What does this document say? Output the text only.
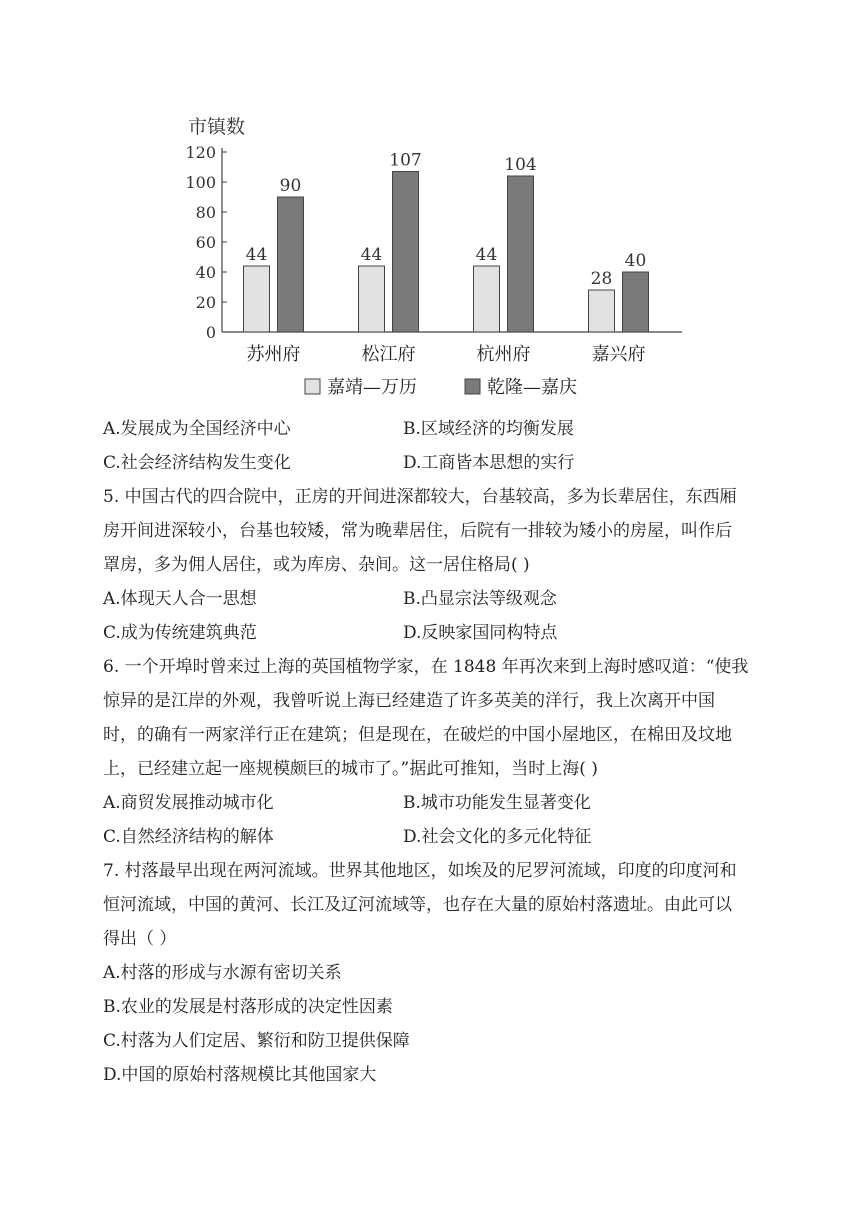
市镇数
0
20
40
60
80
100
120
44
90
苏州府
44
107
松江府
44
104
杭州府
28
40
嘉兴府
嘉靖—万历	乾隆—嘉庆
A.发展成为全国经济中心	B.区域经济的均衡发展
C.社会经济结构发生变化	D.工商皆本思想的实行
5. 中国古代的四合院中，正房的开间进深都较大，台基较高，多为长辈居住，东西厢
房开间进深较小，台基也较矮，常为晚辈居住，后院有一排较为矮小的房屋，叫作后
罩房，多为佣人居住，或为库房、杂间。这一居住格局( )
A.体现天人合一思想	B.凸显宗法等级观念
C.成为传统建筑典范	D.反映家国同构特点
6. 一个开埠时曾来过上海的英国植物学家，在 1848 年再次来到上海时感叹道：“使我
惊异的是江岸的外观，我曾听说上海已经建造了许多英美的洋行，我上次离开中国
时，的确有一两家洋行正在建筑；但是现在，在破烂的中国小屋地区，在棉田及坟地
上，已经建立起一座规模颇巨的城市了。”据此可推知，当时上海( )
A.商贸发展推动城市化	B.城市功能发生显著变化
C.自然经济结构的解体	D.社会文化的多元化特征
7. 村落最早出现在两河流域。世界其他地区，如埃及的尼罗河流域，印度的印度河和
恒河流域，中国的黄河、长江及辽河流域等，也存在大量的原始村落遗址。由此可以
得出（ ）
A.村落的形成与水源有密切关系
B.农业的发展是村落形成的决定性因素
C.村落为人们定居、繁衍和防卫提供保障
D.中国的原始村落规模比其他国家大
